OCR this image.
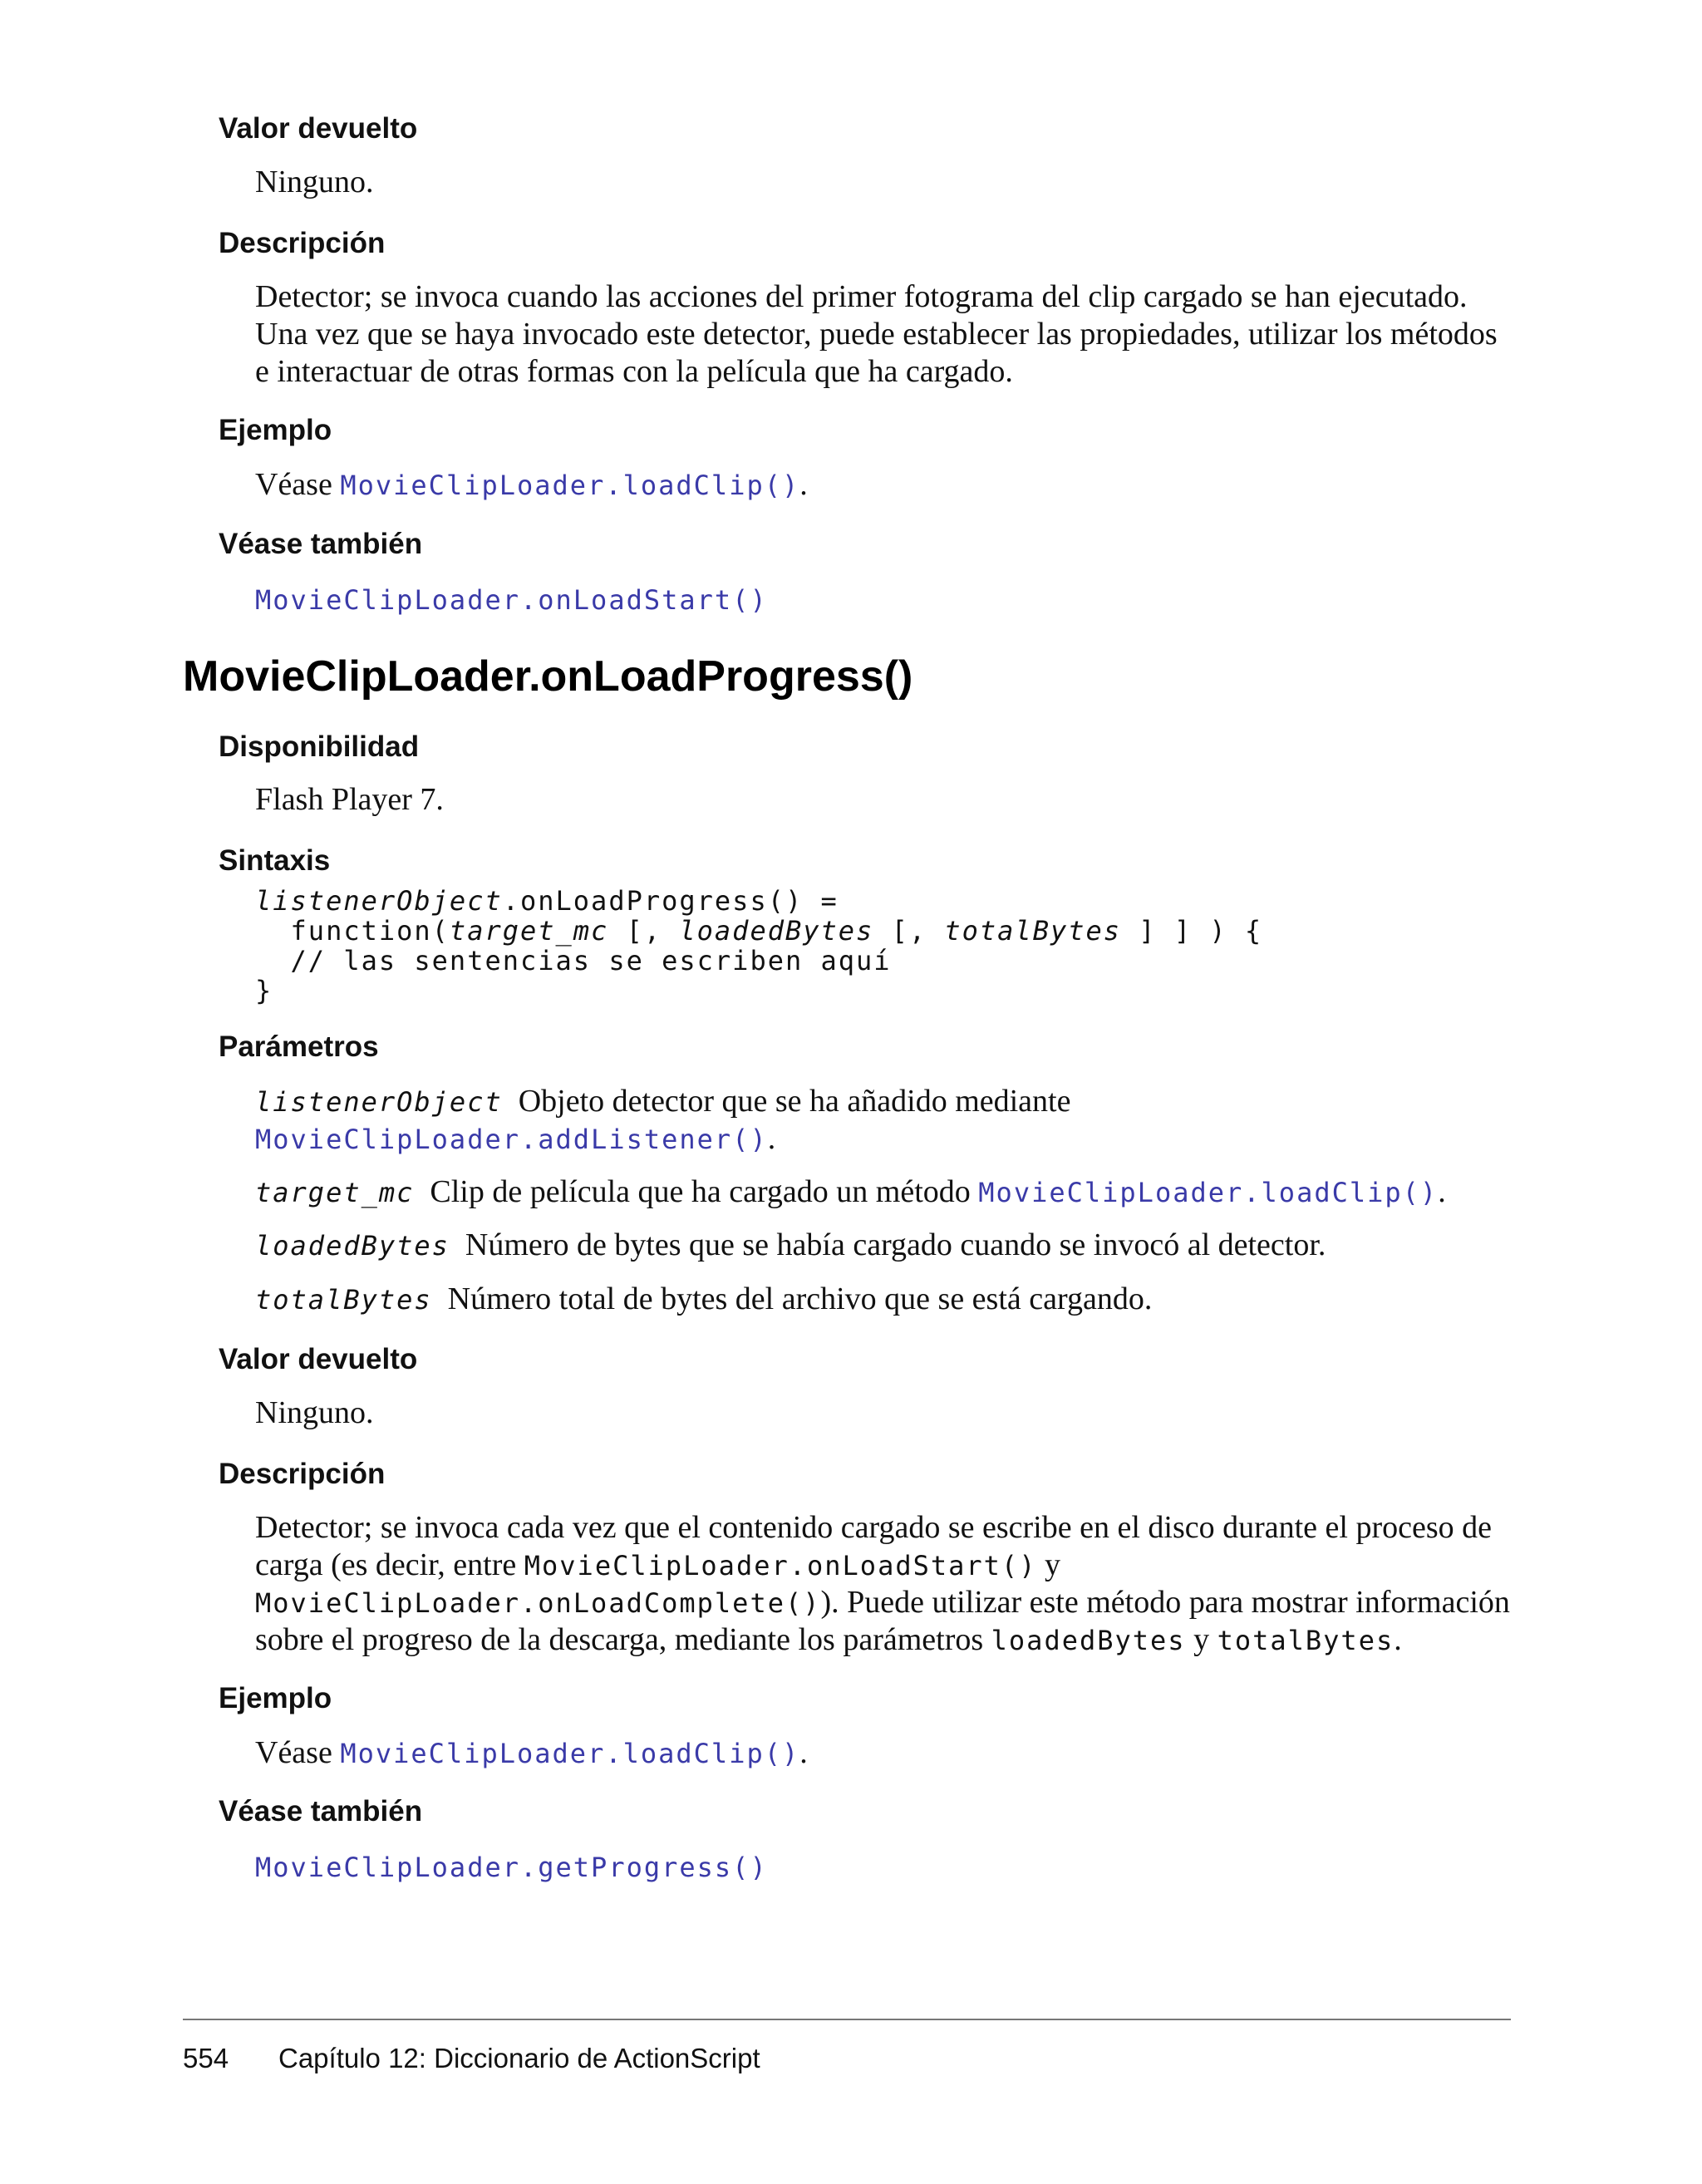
Valor devuelto
Ninguno.
Descripción
Detector; se invoca cuando las acciones del primer fotograma del clip cargado se han ejecutado.
Una vez que se haya invocado este detector, puede establecer las propiedades, utilizar los métodos
e interactuar de otras formas con la película que ha cargado.
Ejemplo
Véase MovieClipLoader.loadClip().
Véase también
MovieClipLoader.onLoadStart()
MovieClipLoader.onLoadProgress()
Disponibilidad
Flash Player 7.
Sintaxis
listenerObject.onLoadProgress() =
function(target_mc [, loadedBytes [, totalBytes ] ] ) {
// las sentencias se escriben aquí
}
Parámetros
listenerObject Objeto detector que se ha añadido mediante
MovieClipLoader.addListener().
target_mc Clip de película que ha cargado un método MovieClipLoader.loadClip().
loadedBytes Número de bytes que se había cargado cuando se invocó al detector.
totalBytes Número total de bytes del archivo que se está cargando.
Valor devuelto
Ninguno.
Descripción
Detector; se invoca cada vez que el contenido cargado se escribe en el disco durante el proceso de
carga (es decir, entre MovieClipLoader.onLoadStart() y
MovieClipLoader.onLoadComplete()). Puede utilizar este método para mostrar información
sobre el progreso de la descarga, mediante los parámetros loadedBytes y totalBytes.
Ejemplo
Véase MovieClipLoader.loadClip().
Véase también
MovieClipLoader.getProgress()
554 Capítulo 12: Diccionario de ActionScript
